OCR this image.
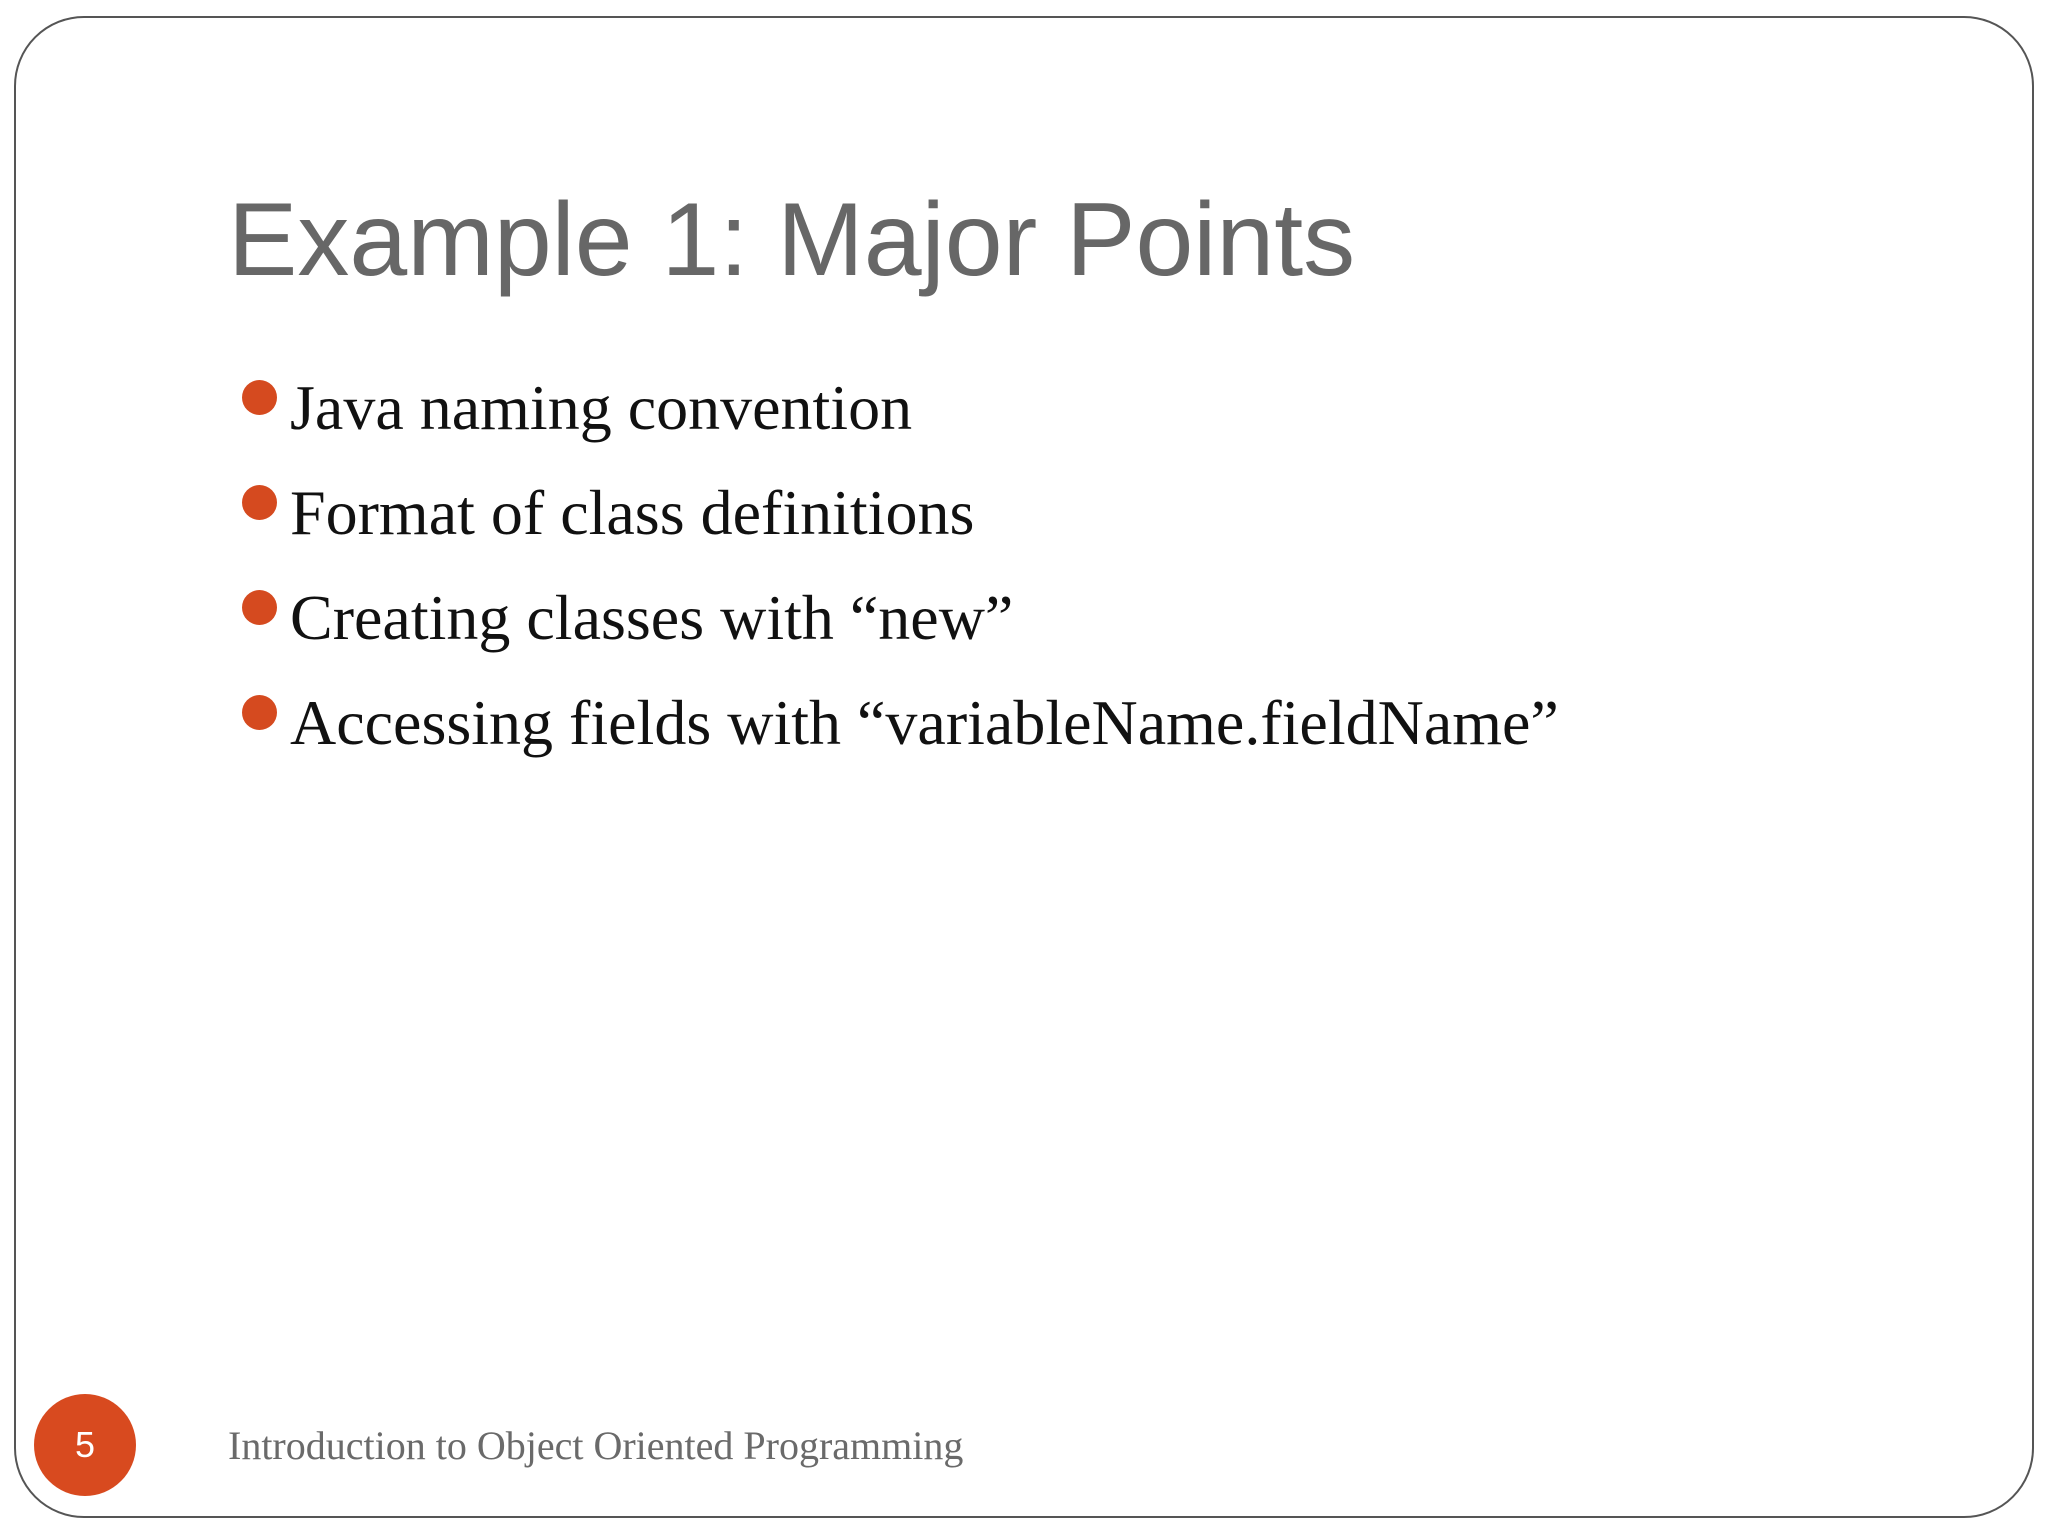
Example 1: Major Points
Java naming convention
Format of class definitions
Creating classes with “new”
Accessing fields with “variableName.fieldName”
5	Introduction to Object Oriented Programming
